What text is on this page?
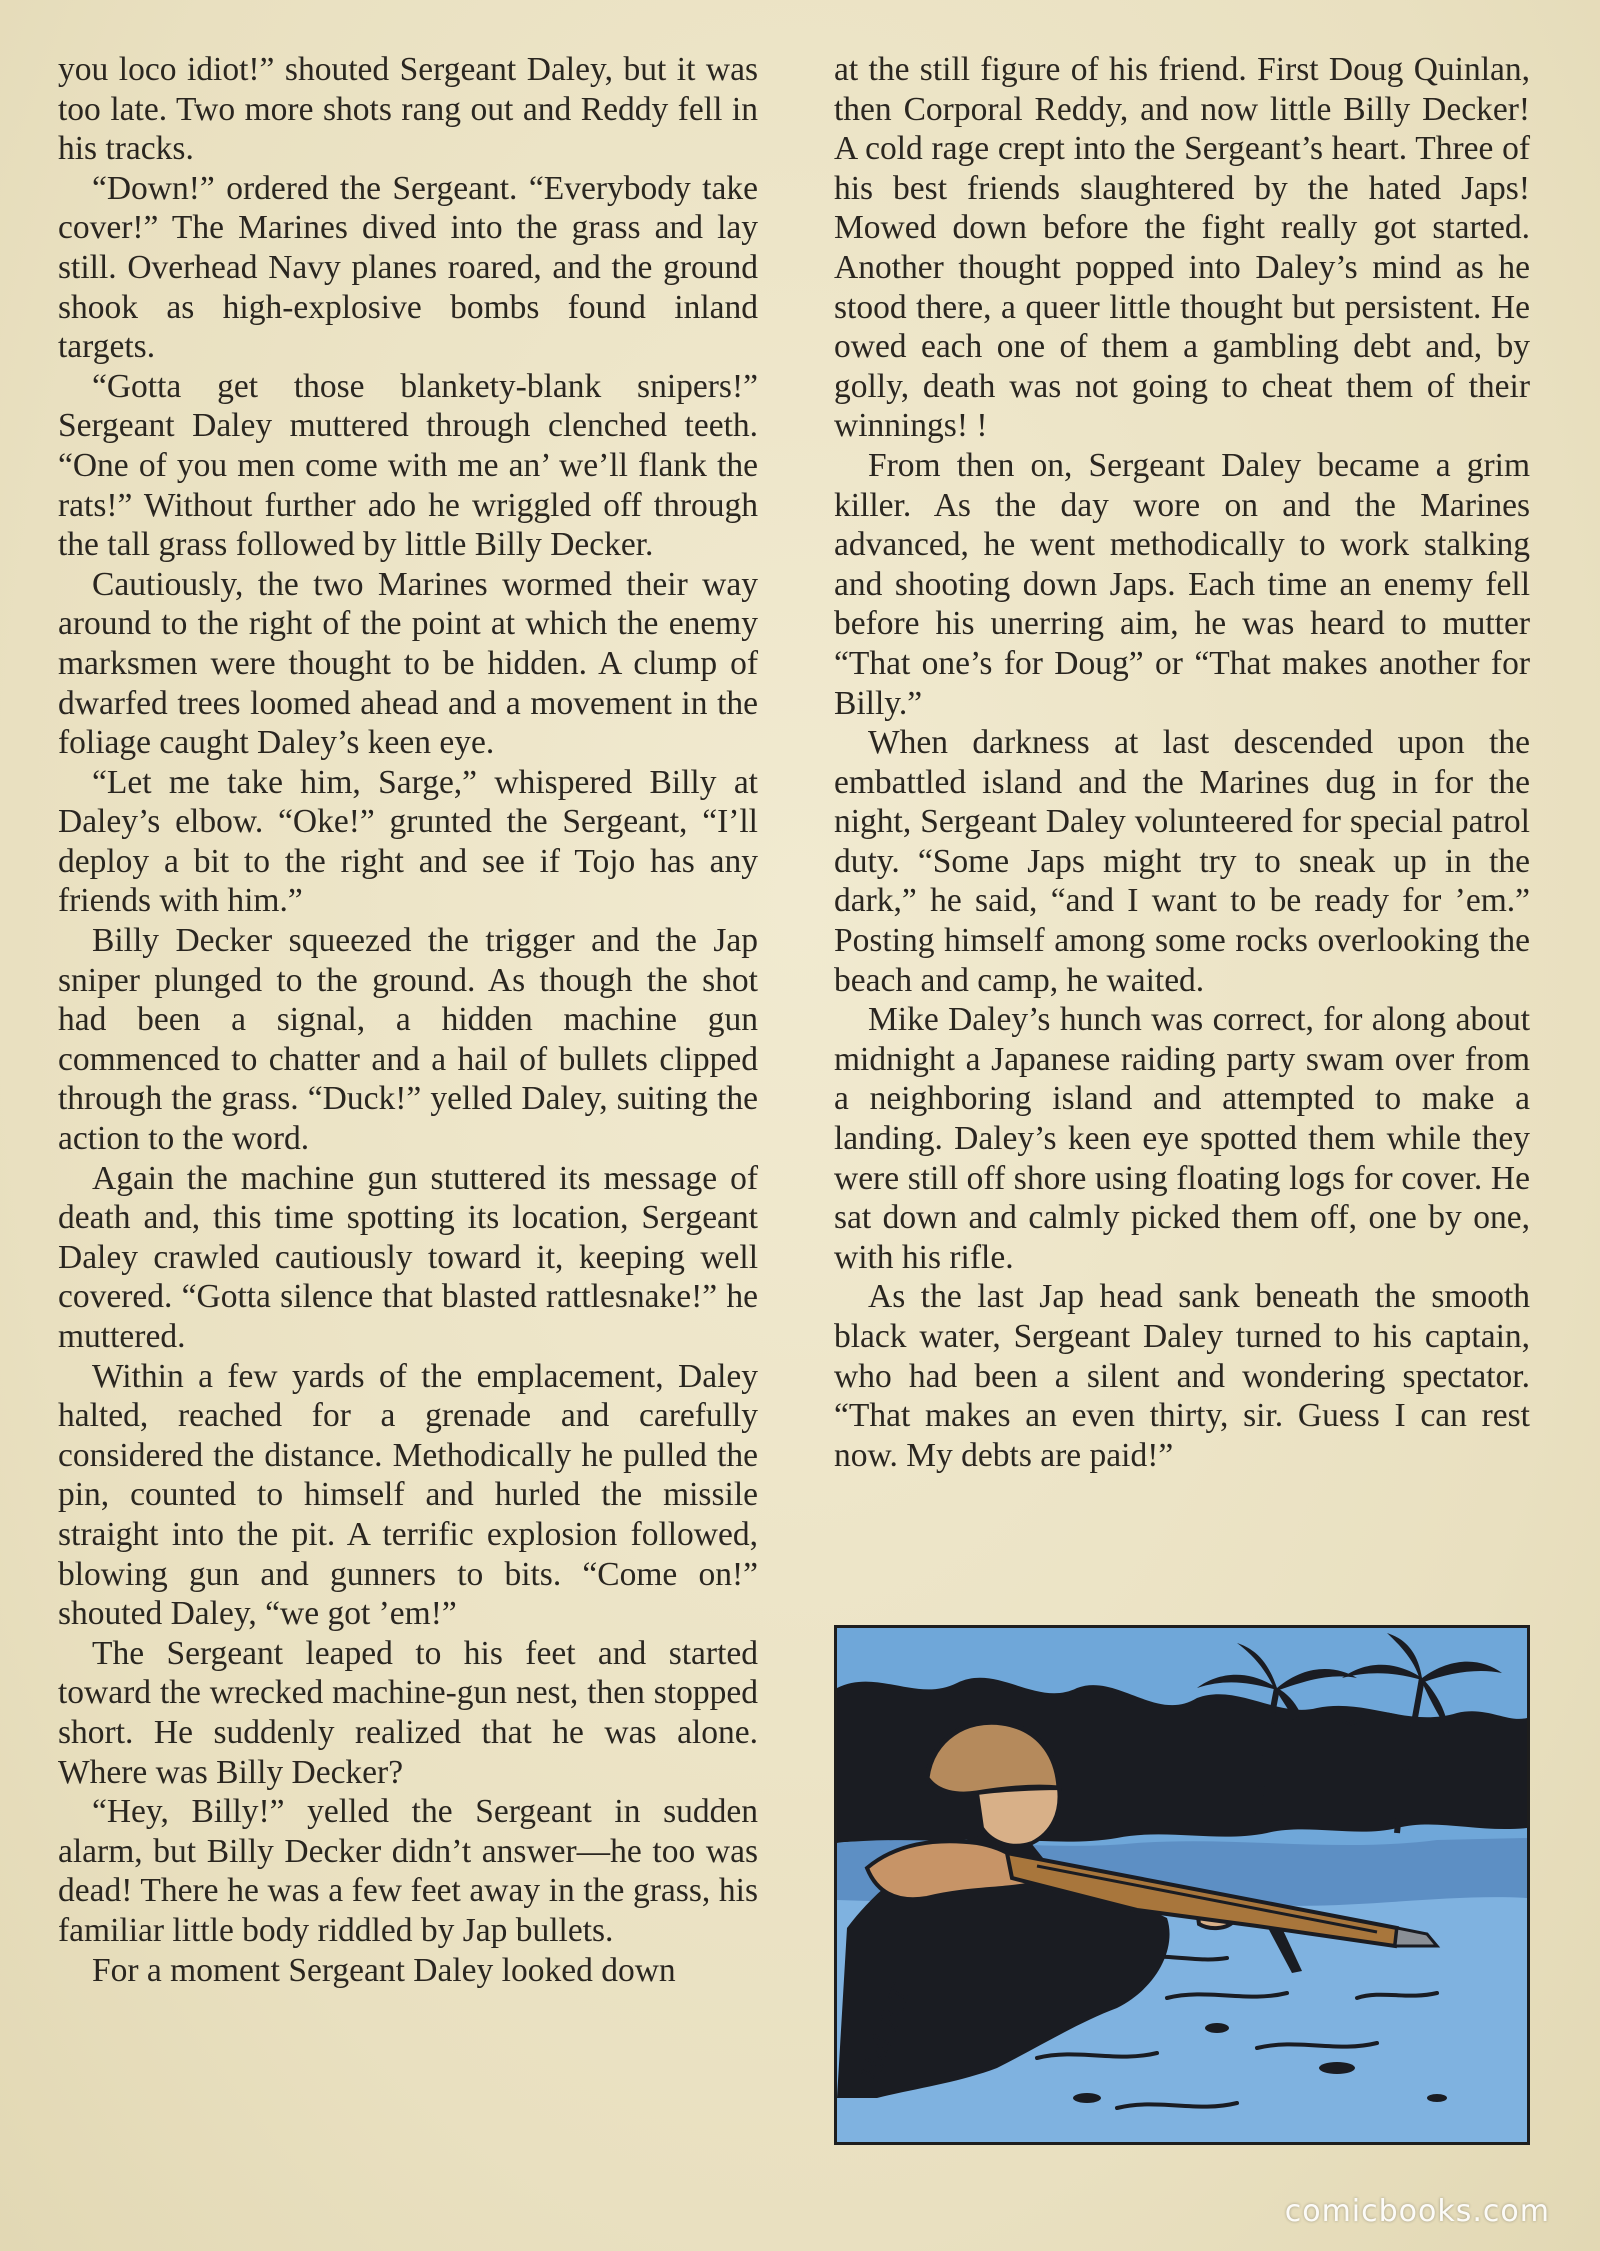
you loco idiot!” shouted Sergeant Daley, but it was too late. Two more shots rang out and Reddy fell in his tracks.

“Down!” ordered the Sergeant. “Everybody take cover!” The Marines dived into the grass and lay still. Overhead Navy planes roared, and the ground shook as high-explosive bombs found inland targets.

“Gotta get those blankety-blank snipers!” Sergeant Daley muttered through clenched teeth. “One of you men come with me an’ we’ll flank the rats!” Without further ado he wriggled off through the tall grass followed by little Billy Decker.

Cautiously, the two Marines wormed their way around to the right of the point at which the enemy marksmen were thought to be hidden. A clump of dwarfed trees loomed ahead and a movement in the foliage caught Daley’s keen eye.

“Let me take him, Sarge,” whispered Billy at Daley’s elbow. “Oke!” grunted the Sergeant, “I’ll deploy a bit to the right and see if Tojo has any friends with him.”

Billy Decker squeezed the trigger and the Jap sniper plunged to the ground. As though the shot had been a signal, a hidden machine gun commenced to chatter and a hail of bullets clipped through the grass. “Duck!” yelled Daley, suiting the action to the word.

Again the machine gun stuttered its message of death and, this time spotting its location, Sergeant Daley crawled cautiously toward it, keeping well covered. “Gotta silence that blasted rattlesnake!” he muttered.

Within a few yards of the emplacement, Daley halted, reached for a grenade and carefully considered the distance. Methodically he pulled the pin, counted to himself and hurled the missile straight into the pit. A terrific explosion followed, blowing gun and gunners to bits. “Come on!” shouted Daley, “we got ’em!”

The Sergeant leaped to his feet and started toward the wrecked machine-gun nest, then stopped short. He suddenly realized that he was alone. Where was Billy Decker?

“Hey, Billy!” yelled the Sergeant in sudden alarm, but Billy Decker didn’t answer—he too was dead! There he was a few feet away in the grass, his familiar little body riddled by Jap bullets.

For a moment Sergeant Daley looked down

at the still figure of his friend. First Doug Quinlan, then Corporal Reddy, and now little Billy Decker! A cold rage crept into the Sergeant’s heart. Three of his best friends slaughtered by the hated Japs! Mowed down before the fight really got started. Another thought popped into Daley’s mind as he stood there, a queer little thought but persistent. He owed each one of them a gambling debt and, by golly, death was not going to cheat them of their winnings! !

From then on, Sergeant Daley became a grim killer. As the day wore on and the Marines advanced, he went methodically to work stalking and shooting down Japs. Each time an enemy fell before his unerring aim, he was heard to mutter “That one’s for Doug” or “That makes another for Billy.”

When darkness at last descended upon the embattled island and the Marines dug in for the night, Sergeant Daley volunteered for special patrol duty. “Some Japs might try to sneak up in the dark,” he said, “and I want to be ready for ’em.” Posting himself among some rocks overlooking the beach and camp, he waited.

Mike Daley’s hunch was correct, for along about midnight a Japanese raiding party swam over from a neighboring island and attempted to make a landing. Daley’s keen eye spotted them while they were still off shore using floating logs for cover. He sat down and calmly picked them off, one by one, with his rifle.

As the last Jap head sank beneath the smooth black water, Sergeant Daley turned to his captain, who had been a silent and wondering spectator. “That makes an even thirty, sir. Guess I can rest now. My debts are paid!”

Hal B.T
comicbooks.com
